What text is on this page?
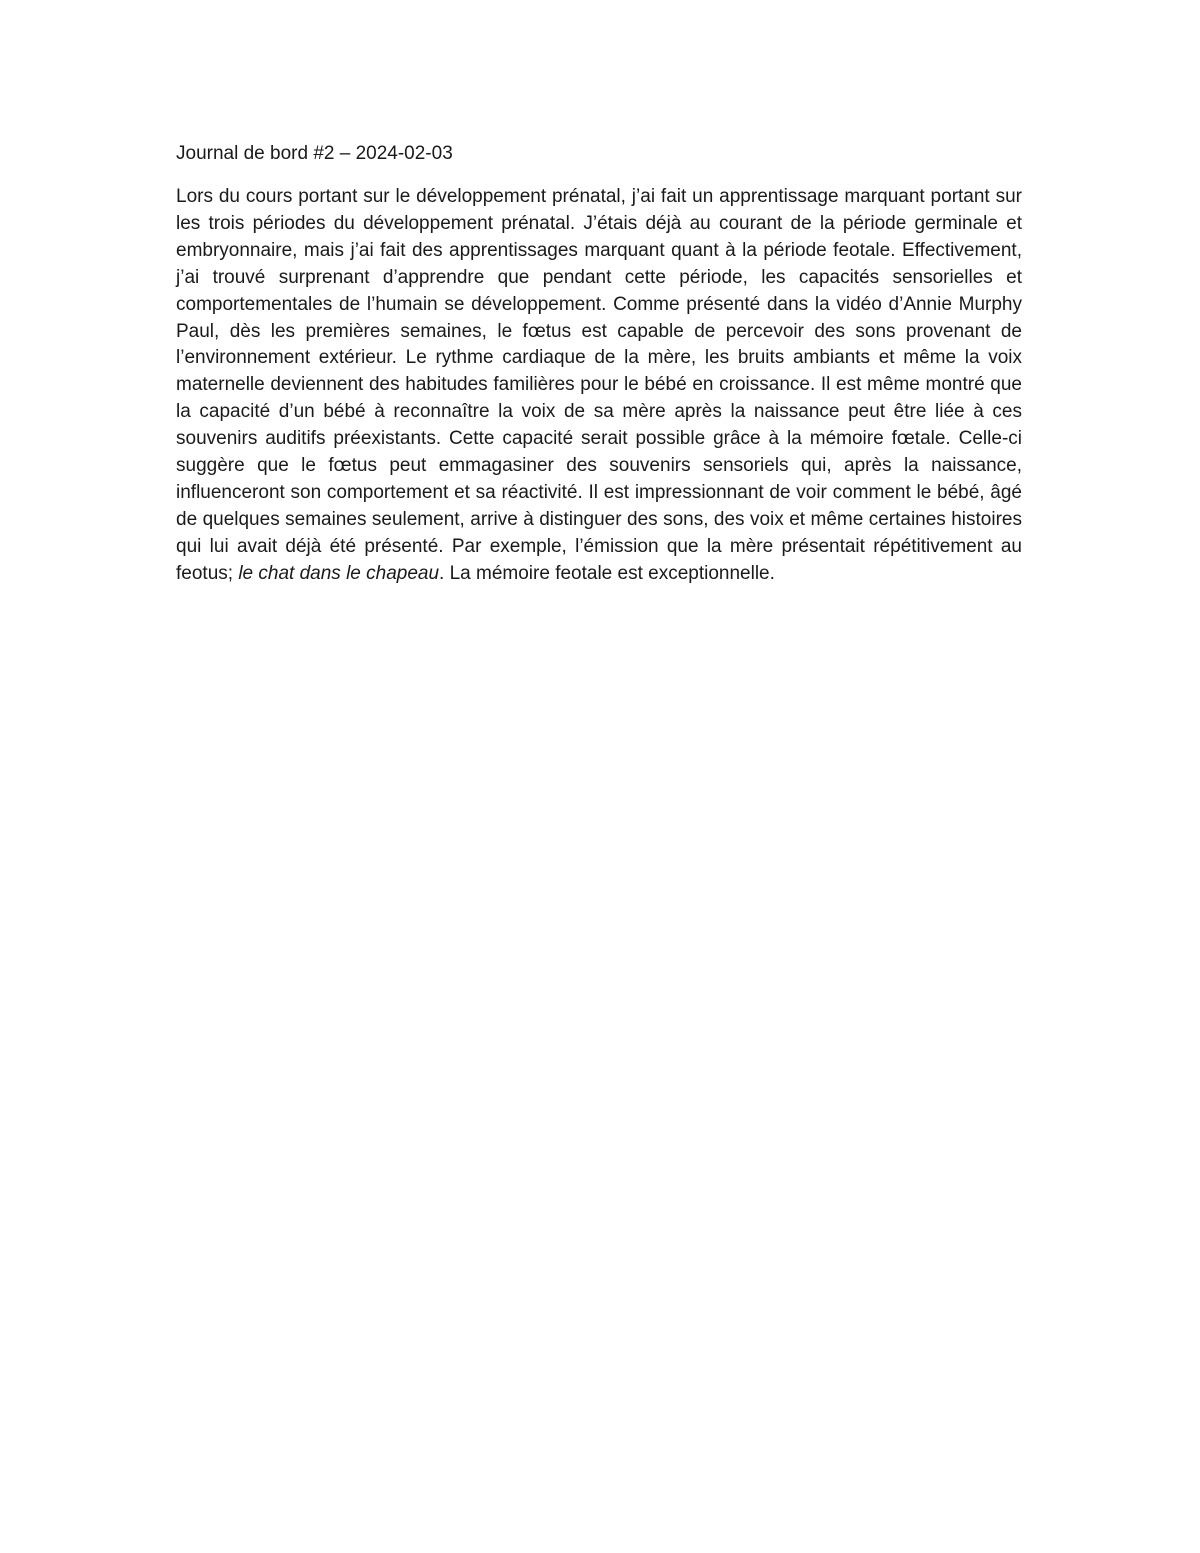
Journal de bord #2 – 2024-02-03

Lors du cours portant sur le développement prénatal, j’ai fait un apprentissage marquant portant sur les trois périodes du développement prénatal. J’étais déjà au courant de la période germinale et embryonnaire, mais j’ai fait des apprentissages marquant quant à la période feotale. Effectivement, j’ai trouvé surprenant d’apprendre que pendant cette période, les capacités sensorielles et comportementales de l’humain se développement. Comme présenté dans la vidéo d’Annie Murphy Paul, dès les premières semaines, le fœtus est capable de percevoir des sons provenant de l’environnement extérieur. Le rythme cardiaque de la mère, les bruits ambiants et même la voix maternelle deviennent des habitudes familières pour le bébé en croissance. Il est même montré que la capacité d’un bébé à reconnaître la voix de sa mère après la naissance peut être liée à ces souvenirs auditifs préexistants. Cette capacité serait possible grâce à la mémoire fœtale. Celle-ci suggère que le fœtus peut emmagasiner des souvenirs sensoriels qui, après la naissance, influenceront son comportement et sa réactivité. Il est impressionnant de voir comment le bébé, âgé de quelques semaines seulement, arrive à distinguer des sons, des voix et même certaines histoires qui lui avait déjà été présenté. Par exemple, l’émission que la mère présentait répétitivement au feotus; le chat dans le chapeau. La mémoire feotale est exceptionnelle.
